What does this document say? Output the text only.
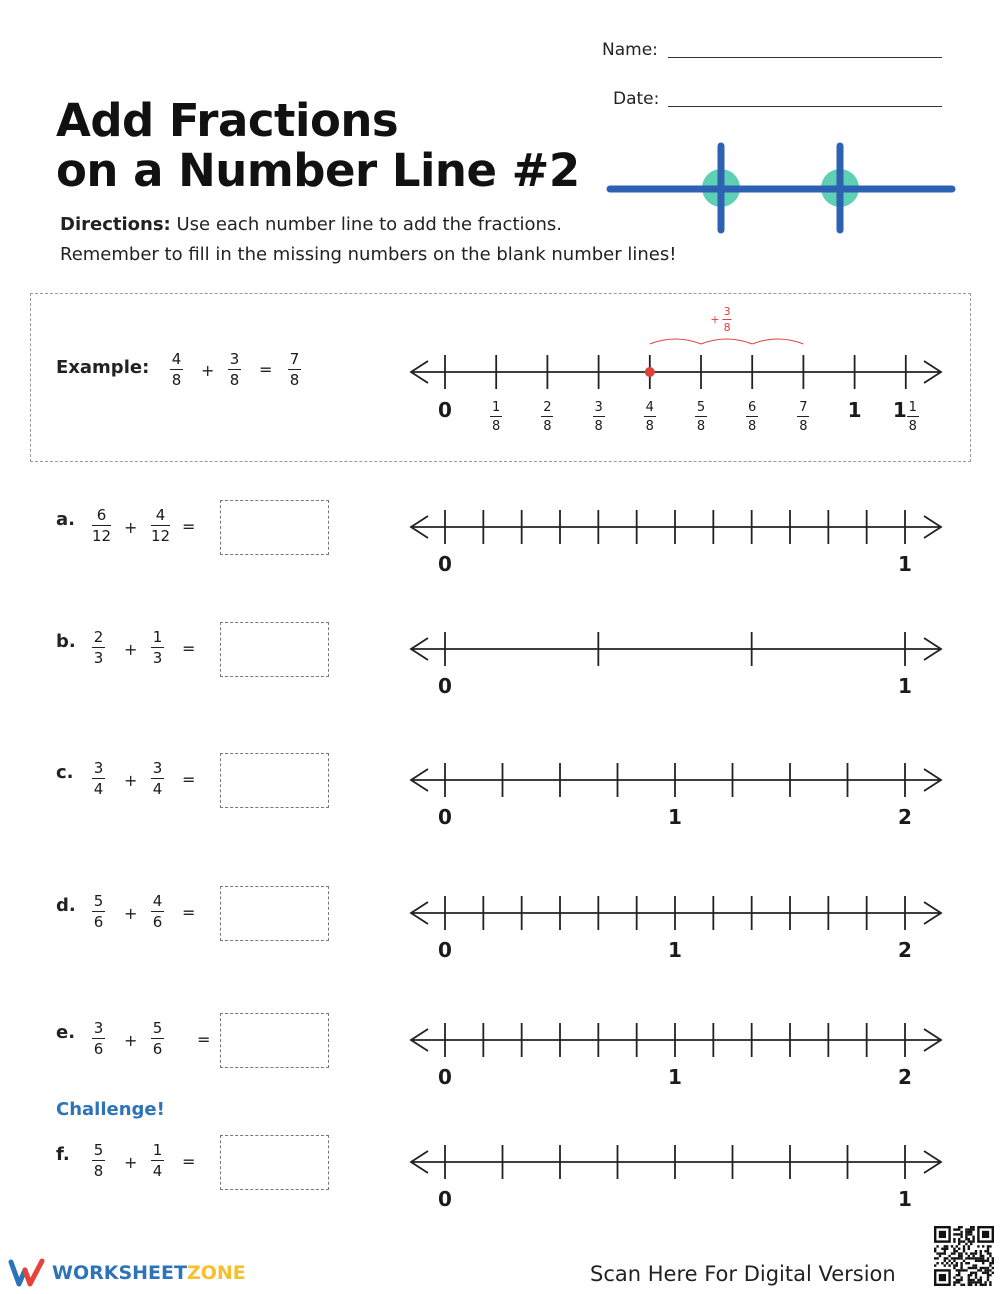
Name:
Date:
Add Fractions
on a Number Line #2
Directions: Use each number line to add the fractions.
Remember to fill in the missing numbers on the blank number lines!
Example: 4
8 +
3
8
=
7
8
+
3
8
0	1
8
2
8
3
8
4
8
5
8
6
8
7
8
1 1 1
8
a. 6
12 +
4
12 =
0	1
b. 2
3 +
1
3 =
0	1
c. 3
4 +
3
4 =
0	1	2
d. 5
6 +
4
6 =
0	1	2
e. 3
6 +
5
6 =
0	1	2
f. 5
8 +
1
4 =
0	1
Challenge!
WORKSHEET ZONE	Scan Here For Digital Version
